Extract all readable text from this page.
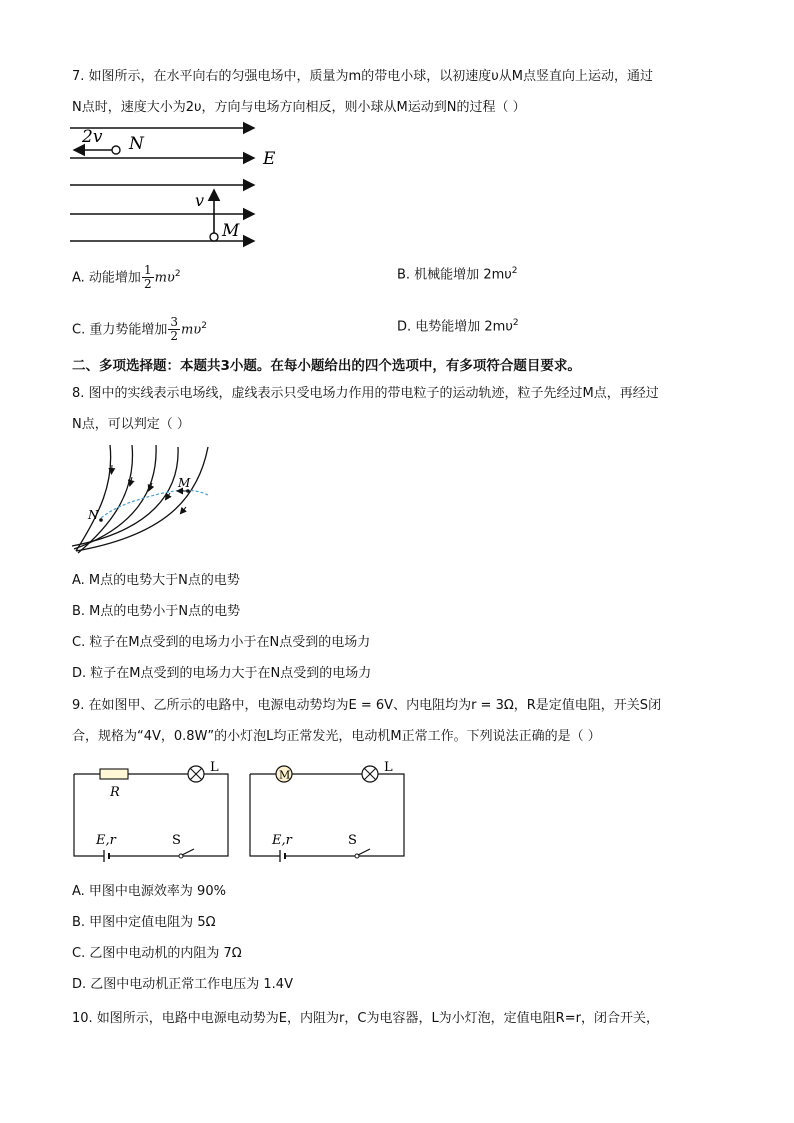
7. 如图所示，在水平向右的匀强电场中，质量为m的带电小球，以初速度υ从M点竖直向上运动，通过
N点时，速度大小为2υ，方向与电场方向相反，则小球从M运动到N的过程（ ）
2v N
E
v
M
A. 动能增加 $\frac{1}{2} m\upsilon^2$	B. 机械能增加 $2m\upsilon^2$
C. 重力势能增加 $\frac{3}{2} m\upsilon^2$	D. 电势能增加 $2m\upsilon^2$
二、多项选择题：本题共3小题。在每小题给出的四个选项中，有多项符合题目要求。
8. 图中的实线表示电场线，虚线表示只受电场力作用的带电粒子的运动轨迹，粒子先经过M点，再经过
N点，可以判定（ ）
M
N
A. M点的电势大于N点的电势
B. M点的电势小于N点的电势
C. 粒子在M点受到的电场力小于在N点受到的电场力
D. 粒子在M点受到的电场力大于在N点受到的电场力
9. 在如图甲、乙所示的电路中，电源电动势均为E = 6V、内电阻均为r = 3Ω，R是定值电阻，开关S闭
合，规格为“4V，0.8W”的小灯泡L均正常发光，电动机M正常工作。下列说法正确的是（ ）
R
L
E,r	S
M	L
E,r	S
A. 甲图中电源效率为 90%
B. 甲图中定值电阻为 5Ω
C. 乙图中电动机的内阻为 7Ω
D. 乙图中电动机正常工作电压为 1.4V
10. 如图所示，电路中电源电动势为E，内阻为r，C为电容器，L为小灯泡，定值电阻R=r，闭合开关，
